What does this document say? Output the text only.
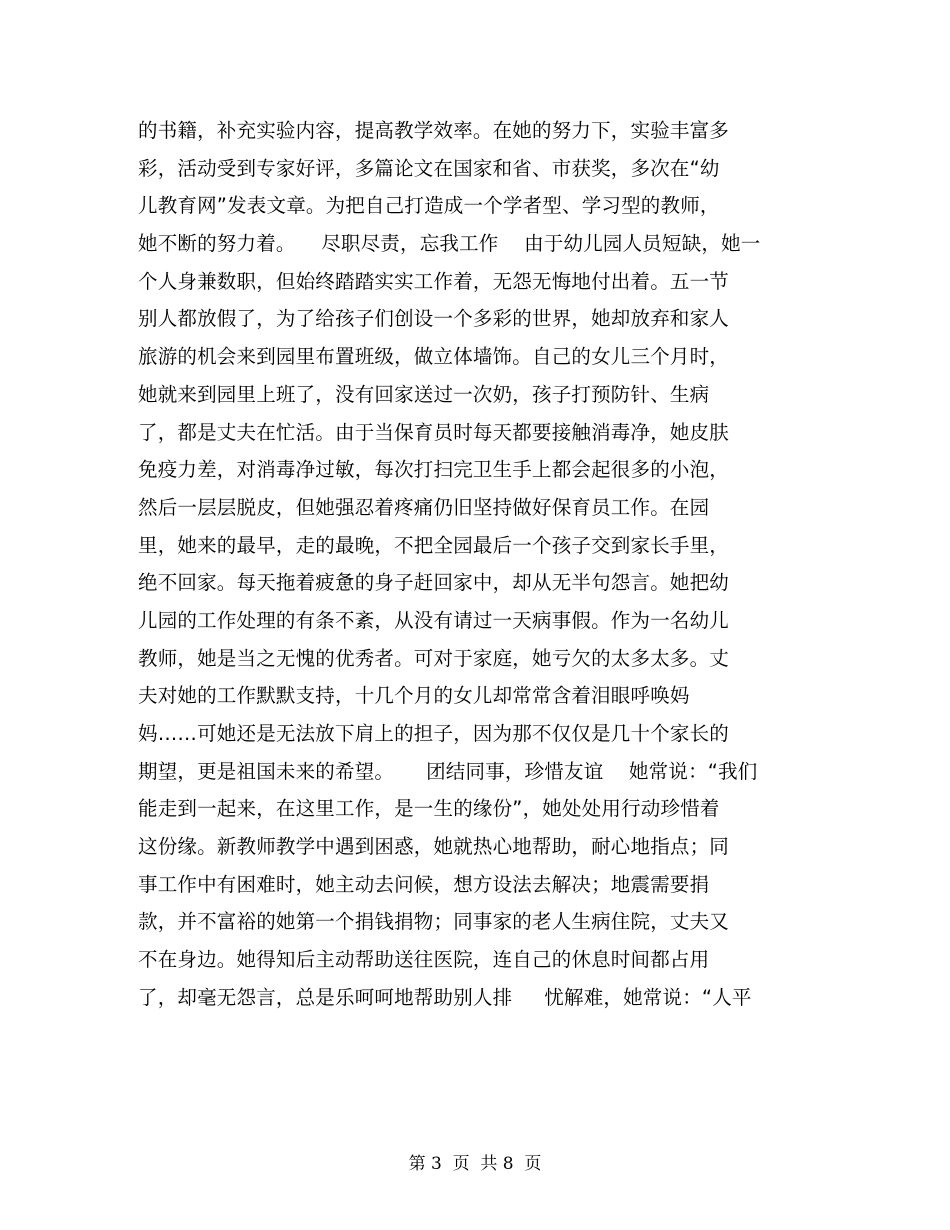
的书籍，补充实验内容，提高教学效率。在她的努力下，实验丰富多
彩，活动受到专家好评，多篇论文在国家和省、市获奖，多次在“幼
儿教育网”发表文章。为把自己打造成一个学者型、学习型的教师，
她不断的努力着。    尽职尽责，忘我工作    由于幼儿园人员短缺，她一
个人身兼数职，但始终踏踏实实工作着，无怨无悔地付出着。五一节
别人都放假了，为了给孩子们创设一个多彩的世界，她却放弃和家人
旅游的机会来到园里布置班级，做立体墙饰。自己的女儿三个月时，
她就来到园里上班了，没有回家送过一次奶，孩子打预防针、生病
了，都是丈夫在忙活。由于当保育员时每天都要接触消毒净，她皮肤
免疫力差，对消毒净过敏，每次打扫完卫生手上都会起很多的小泡，
然后一层层脱皮，但她强忍着疼痛仍旧坚持做好保育员工作。在园
里，她来的最早，走的最晚，不把全园最后一个孩子交到家长手里，
绝不回家。每天拖着疲惫的身子赶回家中，却从无半句怨言。她把幼
儿园的工作处理的有条不紊，从没有请过一天病事假。作为一名幼儿
教师，她是当之无愧的优秀者。可对于家庭，她亏欠的太多太多。丈
夫对她的工作默默支持，十几个月的女儿却常常含着泪眼呼唤妈
妈……可她还是无法放下肩上的担子，因为那不仅仅是几十个家长的
期望，更是祖国未来的希望。     团结同事，珍惜友谊    她常说：“我们
能走到一起来，在这里工作，是一生的缘份”，她处处用行动珍惜着
这份缘。新教师教学中遇到困惑，她就热心地帮助，耐心地指点；同
事工作中有困难时，她主动去问候，想方设法去解决；地震需要捐
款，并不富裕的她第一个捐钱捐物；同事家的老人生病住院，丈夫又
不在身边。她得知后主动帮助送往医院，连自己的休息时间都占用
了，却毫无怨言，总是乐呵呵地帮助别人排     忧解难，她常说：“人平
第 3  页  共 8  页
